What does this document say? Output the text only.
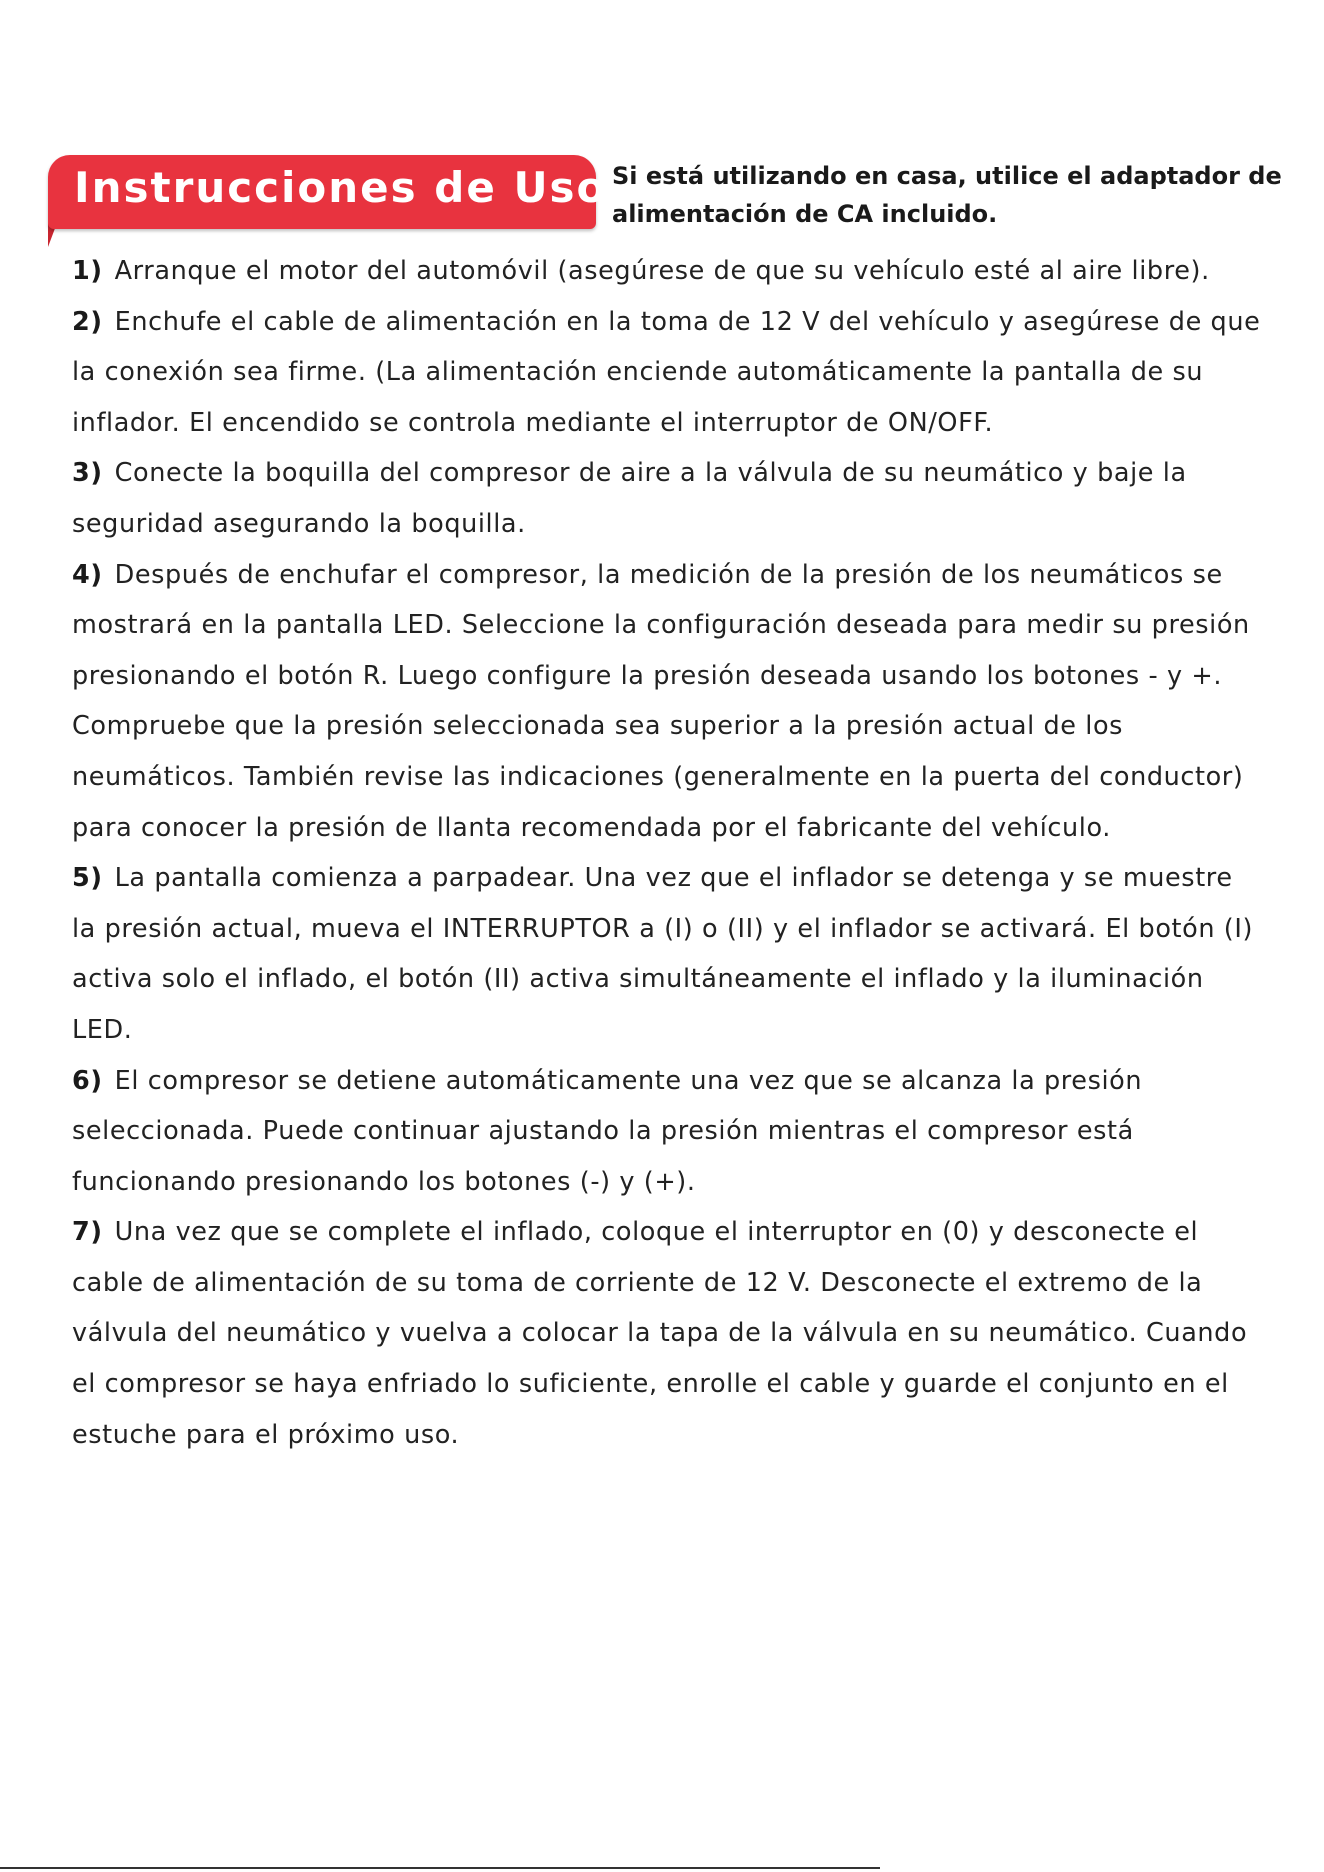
Instrucciones de Uso Si está utilizando en casa, utilice el adaptador de alimentación de CA incluido.
1) Arranque el motor del automóvil (asegúrese de que su vehículo esté al aire libre).
2) Enchufe el cable de alimentación en la toma de 12 V del vehículo y asegúrese de que la conexión sea firme. (La alimentación enciende automáticamente la pantalla de su inflador. El encendido se controla mediante el interruptor de ON/OFF.
3) Conecte la boquilla del compresor de aire a la válvula de su neumático y baje la seguridad asegurando la boquilla.
4) Después de enchufar el compresor, la medición de la presión de los neumáticos se mostrará en la pantalla LED. Seleccione la configuración deseada para medir su presión presionando el botón R. Luego configure la presión deseada usando los botones - y +. Compruebe que la presión seleccionada sea superior a la presión actual de los neumáticos. También revise las indicaciones (generalmente en la puerta del conductor) para conocer la presión de llanta recomendada por el fabricante del vehículo.
5) La pantalla comienza a parpadear. Una vez que el inflador se detenga y se muestre la presión actual, mueva el INTERRUPTOR a (I) o (II) y el inflador se activará. El botón (I) activa solo el inflado, el botón (II) activa simultáneamente el inflado y la iluminación LED.
6) El compresor se detiene automáticamente una vez que se alcanza la presión seleccionada. Puede continuar ajustando la presión mientras el compresor está funcionando presionando los botones (-) y (+).
7) Una vez que se complete el inflado, coloque el interruptor en (0) y desconecte el cable de alimentación de su toma de corriente de 12 V. Desconecte el extremo de la válvula del neumático y vuelva a colocar la tapa de la válvula en su neumático. Cuando el compresor se haya enfriado lo suficiente, enrolle el cable y guarde el conjunto en el estuche para el próximo uso.
